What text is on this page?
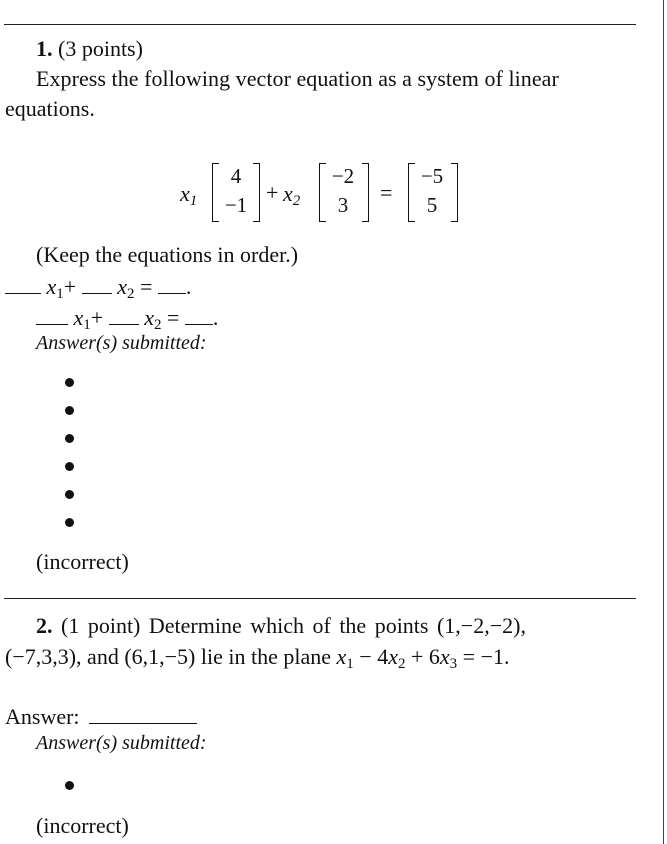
1. (3 points)
Express the following vector equation as a system of linear
equations.
$x_1$
4
$-1 + x_2$
−2
3	=
−5
5
(Keep the equations in order.)
$x_1+ x_2$ = .
$x_1+ x_2$ = .
Answer(s) submitted:
(incorrect)
2. (1 point) Determine which of the points (1,−2,−2),
(−7,3,3), and (6,1,−5) lie in the plane $x_1 - 4x_2 + 6x_3 = -1$.
Answer:
Answer(s) submitted:
(incorrect)
